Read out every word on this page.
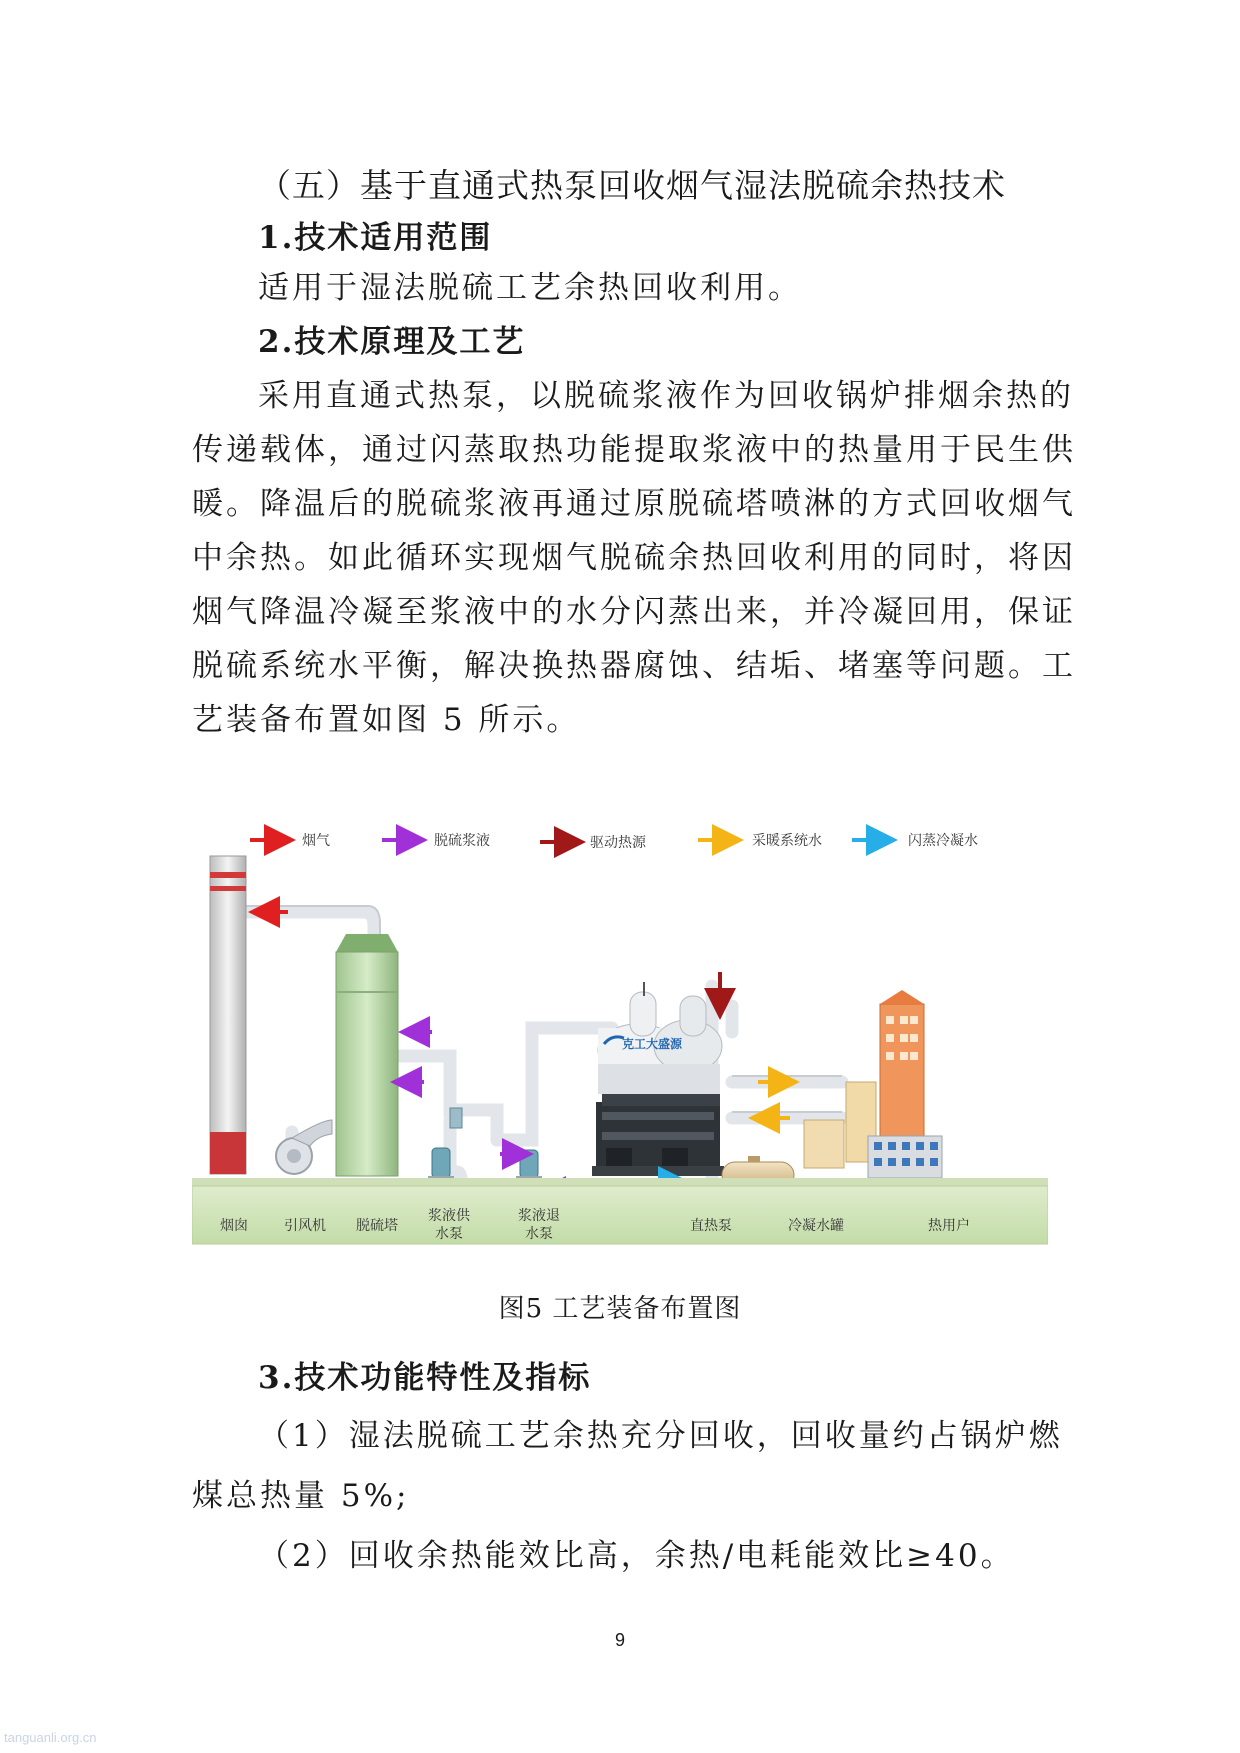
（五）基于直通式热泵回收烟气湿法脱硫余热技术
1.技术适用范围
适用于湿法脱硫工艺余热回收利用。
2.技术原理及工艺
采用直通式热泵，以脱硫浆液作为回收锅炉排烟余热的
传递载体，通过闪蒸取热功能提取浆液中的热量用于民生供
暖。降温后的脱硫浆液再通过原脱硫塔喷淋的方式回收烟气
中余热。如此循环实现烟气脱硫余热回收利用的同时，将因
烟气降温冷凝至浆液中的水分闪蒸出来，并冷凝回用，保证
脱硫系统水平衡，解决换热器腐蚀、结垢、堵塞等问题。工
艺装备布置如图 5 所示。
烟气	脱硫浆液	驱动热源	采暖系统水	闪蒸冷凝水
克工大盛源
烟囱	引风机 脱硫塔
浆液供
水泵
浆液退
水泵	直热泵	冷凝水罐	热用户
图5 工艺装备布置图
3.技术功能特性及指标
（1）湿法脱硫工艺余热充分回收，回收量约占锅炉燃
煤总热量 5%;
（2）回收余热能效比高，余热/电耗能效比≥40。
9
tanguanli.org.cn
